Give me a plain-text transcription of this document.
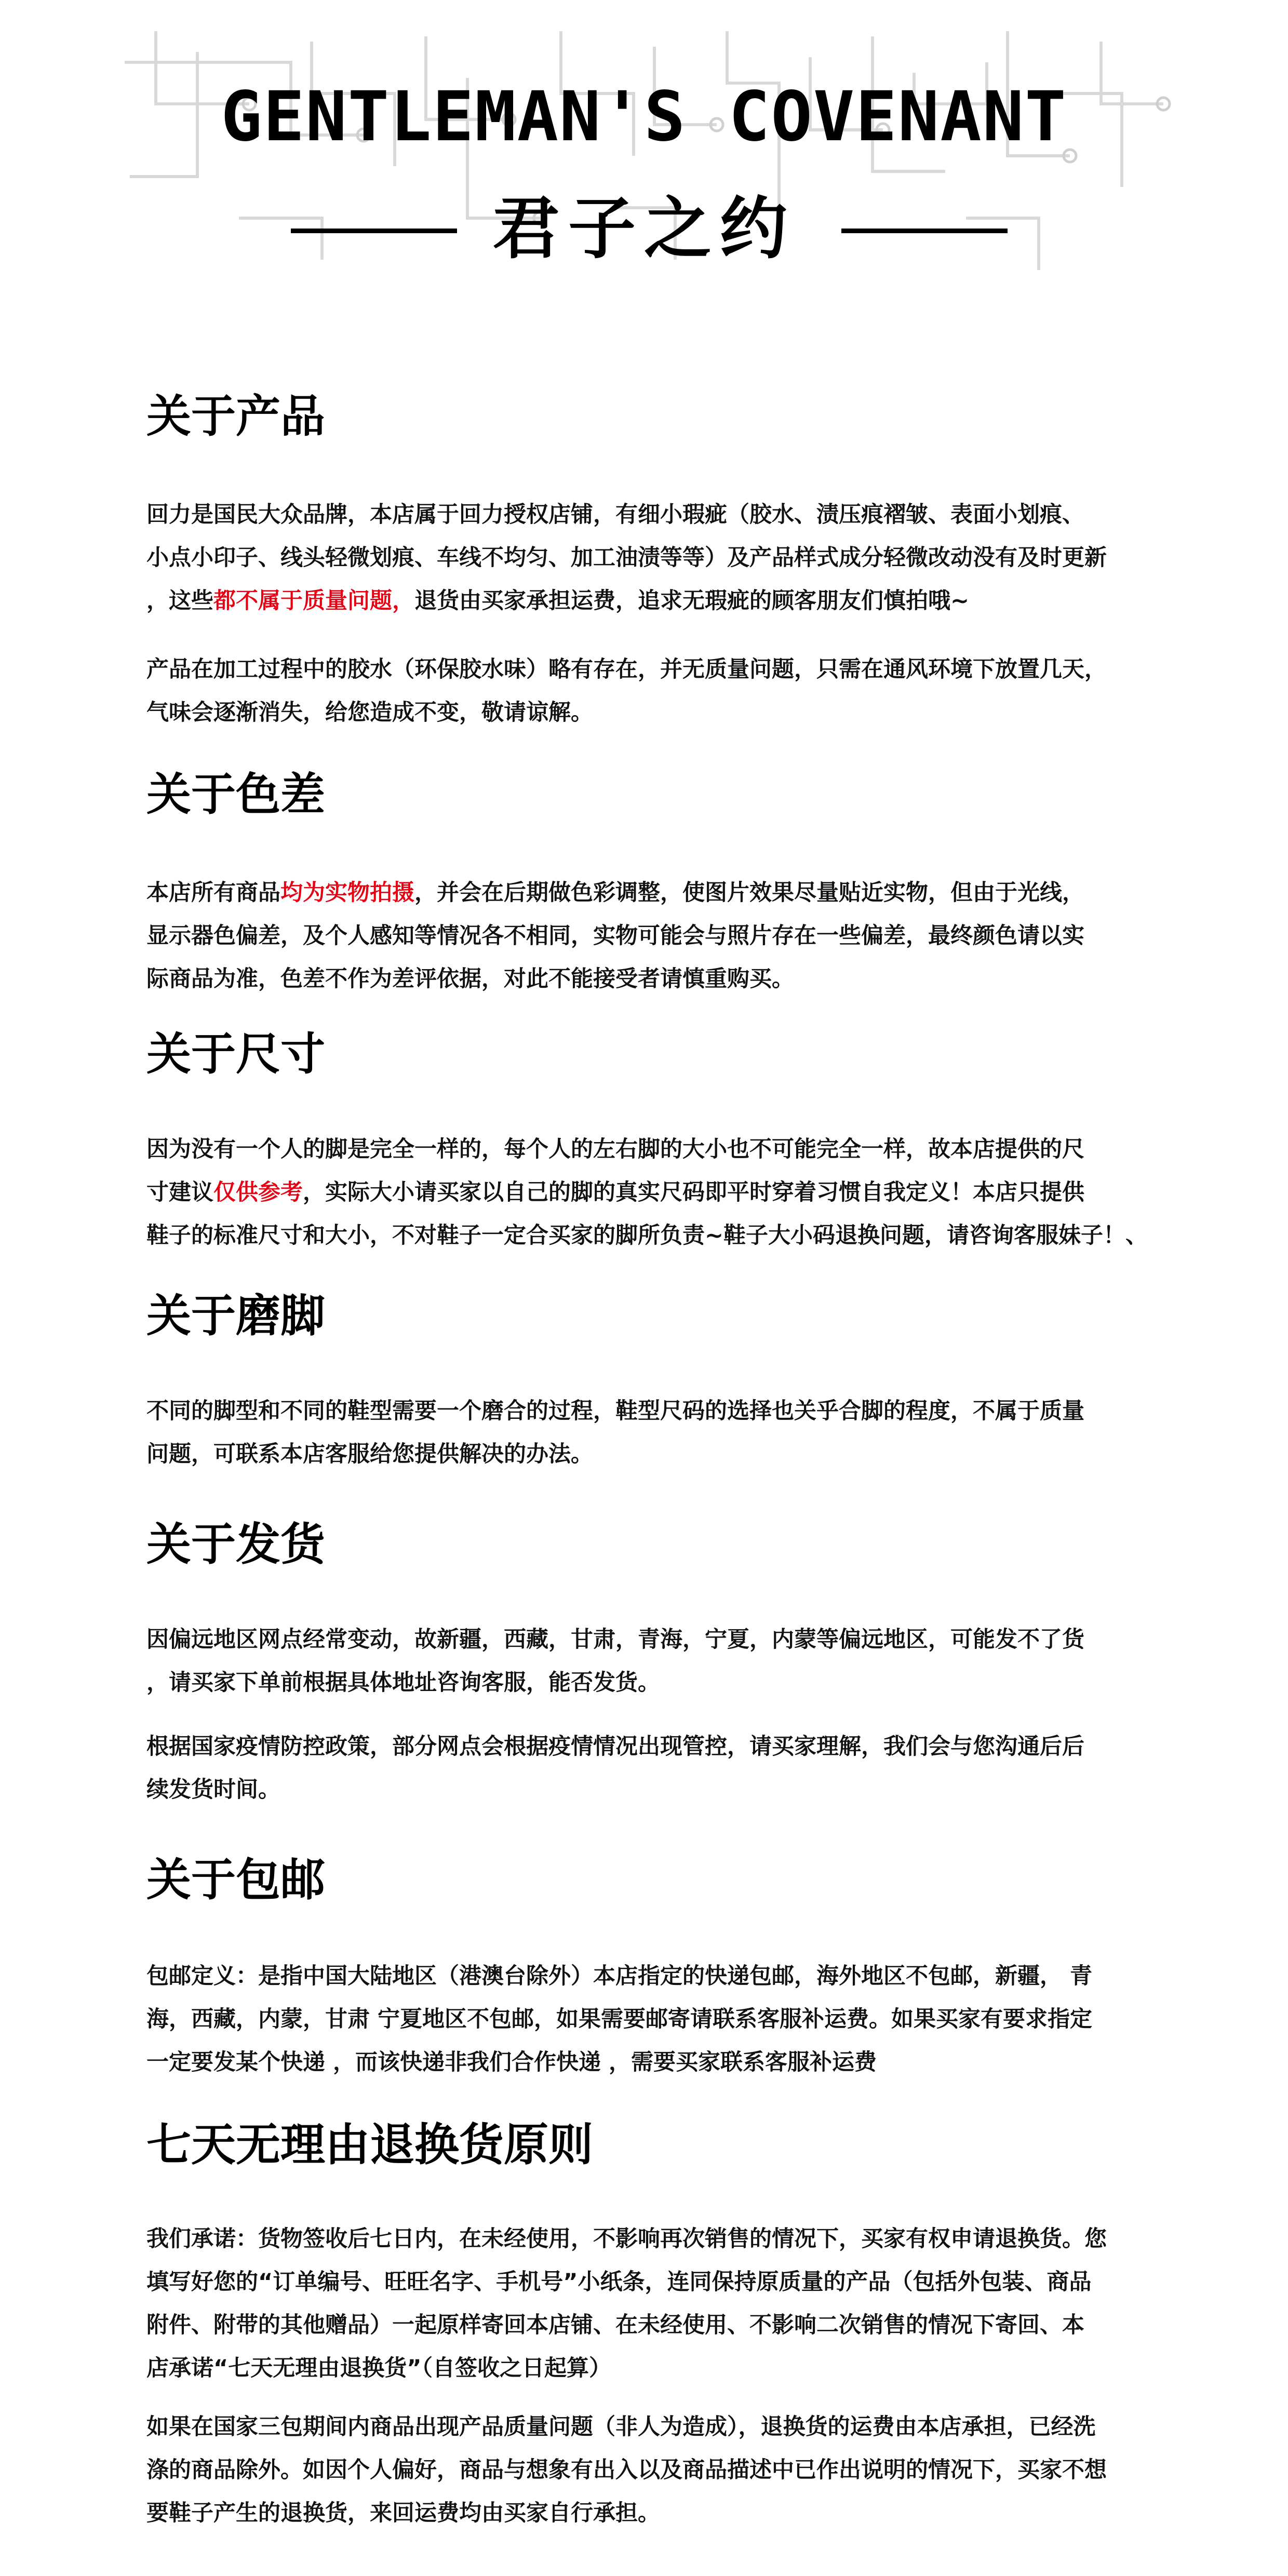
GENTLEMAN'S COVENANT
君子之约
关于产品
回力是国民大众品牌，本店属于回力授权店铺，有细小瑕疵（胶水、渍压痕褶皱、表面小划痕、
小点小印子、线头轻微划痕、车线不均匀、加工油渍等等）及产品样式成分轻微改动没有及时更新
，这些都不属于质量问题，退货由买家承担运费，追求无瑕疵的顾客朋友们慎拍哦~
产品在加工过程中的胶水（环保胶水味）略有存在，并无质量问题，只需在通风环境下放置几天，
气味会逐渐消失，给您造成不变，敬请谅解。
关于色差
本店所有商品均为实物拍摄，并会在后期做色彩调整，使图片效果尽量贴近实物，但由于光线，
显示器色偏差，及个人感知等情况各不相同，实物可能会与照片存在一些偏差，最终颜色请以实
际商品为准，色差不作为差评依据，对此不能接受者请慎重购买。
关于尺寸
因为没有一个人的脚是完全一样的，每个人的左右脚的大小也不可能完全一样，故本店提供的尺
寸建议仅供参考，实际大小请买家以自己的脚的真实尺码即平时穿着习惯自我定义！本店只提供
鞋子的标准尺寸和大小，不对鞋子一定合买家的脚所负责~鞋子大小码退换问题，请咨询客服妹子！、
关于磨脚
不同的脚型和不同的鞋型需要一个磨合的过程，鞋型尺码的选择也关乎合脚的程度，不属于质量
问题，可联系本店客服给您提供解决的办法。
关于发货
因偏远地区网点经常变动，故新疆，西藏，甘肃，青海，宁夏，内蒙等偏远地区，可能发不了货
，请买家下单前根据具体地址咨询客服，能否发货。
根据国家疫情防控政策，部分网点会根据疫情情况出现管控，请买家理解，我们会与您沟通后后
续发货时间。
关于包邮
包邮定义：是指中国大陆地区（港澳台除外）本店指定的快递包邮，海外地区不包邮，新疆， 青
海，西藏，内蒙，甘肃 宁夏地区不包邮，如果需要邮寄请联系客服补运费。如果买家有要求指定
一定要发某个快递 ，而该快递非我们合作快递 ，需要买家联系客服补运费
七天无理由退换货原则
我们承诺：货物签收后七日内，在未经使用，不影响再次销售的情况下，买家有权申请退换货。您
填写好您的“订单编号、旺旺名字、手机号”小纸条，连同保持原质量的产品（包括外包装、商品
附件、附带的其他赠品）一起原样寄回本店铺、在未经使用、不影响二次销售的情况下寄回、本
店承诺“七天无理由退换货”（自签收之日起算）
如果在国家三包期间内商品出现产品质量问题（非人为造成），退换货的运费由本店承担，已经洗
涤的商品除外。如因个人偏好，商品与想象有出入以及商品描述中已作出说明的情况下，买家不想
要鞋子产生的退换货，来回运费均由买家自行承担。
